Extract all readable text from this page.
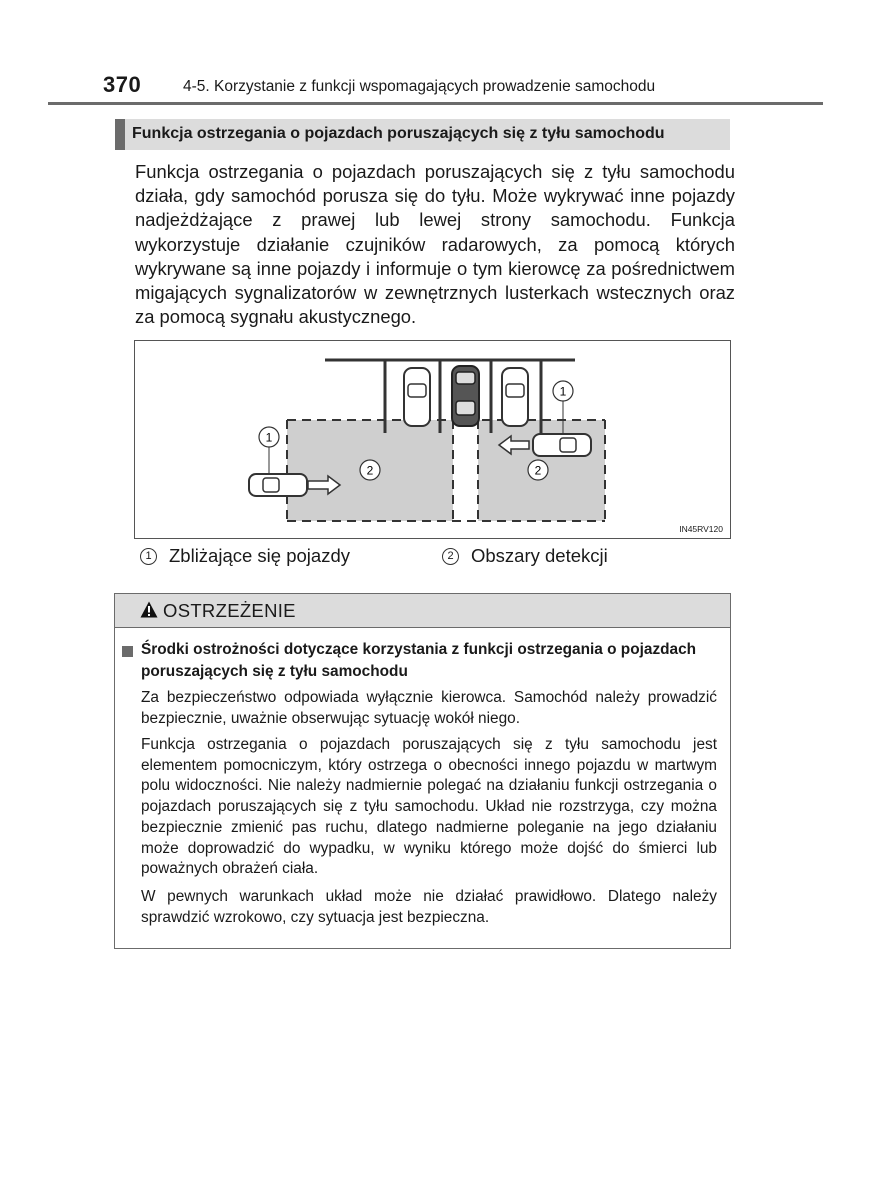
370	4-5. Korzystanie z funkcji wspomagających prowadzenie samochodu
Funkcja ostrzegania o pojazdach poruszających się z tyłu samochodu

Funkcja ostrzegania o pojazdach poruszających się z tyłu samochodu działa, gdy samochód porusza się do tyłu. Może wykrywać inne pojazdy nadjeżdżające z prawej lub lewej strony samochodu. Funkcja wykorzystuje działanie czujników radarowych, za pomocą których wykrywane są inne pojazdy i informuje o tym kierowcę za pośrednictwem migających sygnalizatorów w zewnętrznych lusterkach wstecznych oraz za pomocą sygnału akustycznego.

1
1
2	2
IN45RV120
1 Zbliżające się pojazdy	2 Obszary detekcji
OSTRZEŻENIE

Środki ostrożności dotyczące korzystania z funkcji ostrzegania o pojazdach poruszających się z tyłu samochodu

Za bezpieczeństwo odpowiada wyłącznie kierowca. Samochód należy prowadzić bezpiecznie, uważnie obserwując sytuację wokół niego.

Funkcja ostrzegania o pojazdach poruszających się z tyłu samochodu jest elementem pomocniczym, który ostrzega o obecności innego pojazdu w martwym polu widoczności. Nie należy nadmiernie polegać na działaniu funkcji ostrzegania o pojazdach poruszających się z tyłu samochodu. Układ nie rozstrzyga, czy można bezpiecznie zmienić pas ruchu, dlatego nadmierne poleganie na jego działaniu może doprowadzić do wypadku, w wyniku którego może dojść do śmierci lub poważnych obrażeń ciała.

W pewnych warunkach układ może nie działać prawidłowo. Dlatego należy sprawdzić wzrokowo, czy sytuacja jest bezpieczna.
